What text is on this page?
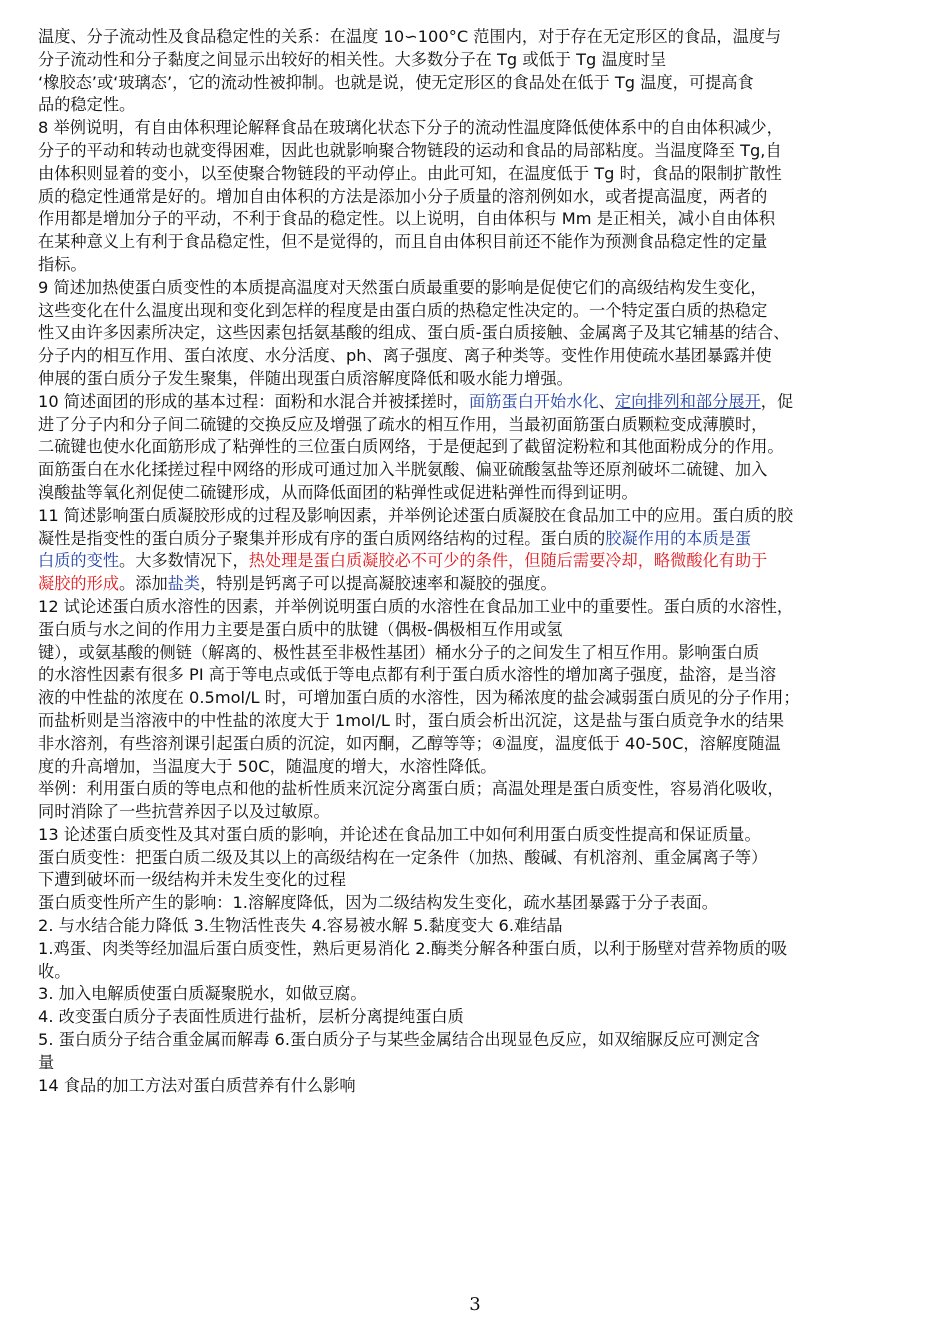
温度、分子流动性及食品稳定性的关系：在温度 10∽100°C 范围内，对于存在无定形区的食品，温度与
分子流动性和分子黏度之间显示出较好的相关性。大多数分子在 Tg 或低于 Tg 温度时呈
‘橡胶态’或‘玻璃态’，它的流动性被抑制。也就是说，使无定形区的食品处在低于 Tg 温度，可提高食
品的稳定性。
8 举例说明，有自由体积理论解释食品在玻璃化状态下分子的流动性温度降低使体系中的自由体积减少，
分子的平动和转动也就变得困难，因此也就影响聚合物链段的运动和食品的局部粘度。当温度降至 Tg,自
由体积则显着的变小，以至使聚合物链段的平动停止。由此可知，在温度低于 Tg 时，食品的限制扩散性
质的稳定性通常是好的。增加自由体积的方法是添加小分子质量的溶剂例如水，或者提高温度，两者的
作用都是增加分子的平动，不利于食品的稳定性。以上说明，自由体积与 Mm 是正相关，减小自由体积
在某种意义上有利于食品稳定性，但不是觉得的，而且自由体积目前还不能作为预测食品稳定性的定量
指标。
9 简述加热使蛋白质变性的本质提高温度对天然蛋白质最重要的影响是促使它们的高级结构发生变化，
这些变化在什么温度出现和变化到怎样的程度是由蛋白质的热稳定性决定的。一个特定蛋白质的热稳定
性又由许多因素所决定，这些因素包括氨基酸的组成、蛋白质-蛋白质接触、金属离子及其它辅基的结合、
分子内的相互作用、蛋白浓度、水分活度、ph、离子强度、离子种类等。变性作用使疏水基团暴露并使
伸展的蛋白质分子发生聚集，伴随出现蛋白质溶解度降低和吸水能力增强。
10 简述面团的形成的基本过程：面粉和水混合并被揉搓时，面筋蛋白开始水化、定向排列和部分展开，促
进了分子内和分子间二硫键的交换反应及增强了疏水的相互作用，当最初面筋蛋白质颗粒变成薄膜时，
二硫键也使水化面筋形成了粘弹性的三位蛋白质网络，于是便起到了截留淀粉粒和其他面粉成分的作用。
面筋蛋白在水化揉搓过程中网络的形成可通过加入半胱氨酸、偏亚硫酸氢盐等还原剂破坏二硫键、加入
溴酸盐等氧化剂促使二硫键形成，从而降低面团的粘弹性或促进粘弹性而得到证明。
11 简述影响蛋白质凝胶形成的过程及影响因素，并举例论述蛋白质凝胶在食品加工中的应用。蛋白质的胶
凝性是指变性的蛋白质分子聚集并形成有序的蛋白质网络结构的过程。蛋白质的胶凝作用的本质是蛋
白质的变性。大多数情况下，热处理是蛋白质凝胶必不可少的条件，但随后需要冷却，略微酸化有助于
凝胶的形成。添加盐类，特别是钙离子可以提高凝胶速率和凝胶的强度。
12 试论述蛋白质水溶性的因素，并举例说明蛋白质的水溶性在食品加工业中的重要性。蛋白质的水溶性，
蛋白质与水之间的作用力主要是蛋白质中的肽键（偶极-偶极相互作用或氢
键），或氨基酸的侧链（解离的、极性甚至非极性基团）桶水分子的之间发生了相互作用。影响蛋白质
的水溶性因素有很多 PI 高于等电点或低于等电点都有利于蛋白质水溶性的增加离子强度，盐溶，是当溶
液的中性盐的浓度在 0.5mol/L 时，可增加蛋白质的水溶性，因为稀浓度的盐会减弱蛋白质见的分子作用；
而盐析则是当溶液中的中性盐的浓度大于 1mol/L 时，蛋白质会析出沉淀，这是盐与蛋白质竞争水的结果
非水溶剂，有些溶剂课引起蛋白质的沉淀，如丙酮，乙醇等等；④温度，温度低于 40-50C，溶解度随温
度的升高增加，当温度大于 50C，随温度的增大，水溶性降低。
举例：利用蛋白质的等电点和他的盐析性质来沉淀分离蛋白质；高温处理是蛋白质变性，容易消化吸收，
同时消除了一些抗营养因子以及过敏原。
13 论述蛋白质变性及其对蛋白质的影响，并论述在食品加工中如何利用蛋白质变性提高和保证质量。
蛋白质变性：把蛋白质二级及其以上的高级结构在一定条件（加热、酸碱、有机溶剂、重金属离子等）
下遭到破坏而一级结构并未发生变化的过程
蛋白质变性所产生的影响：1.溶解度降低，因为二级结构发生变化，疏水基团暴露于分子表面。
2. 与水结合能力降低 3.生物活性丧失 4.容易被水解 5.黏度变大 6.难结晶
1.鸡蛋、肉类等经加温后蛋白质变性，熟后更易消化 2.酶类分解各种蛋白质，以利于肠壁对营养物质的吸
收。
3. 加入电解质使蛋白质凝聚脱水，如做豆腐。
4. 改变蛋白质分子表面性质进行盐析，层析分离提纯蛋白质
5. 蛋白质分子结合重金属而解毒 6.蛋白质分子与某些金属结合出现显色反应，如双缩脲反应可测定含
量
14 食品的加工方法对蛋白质营养有什么影响
3
